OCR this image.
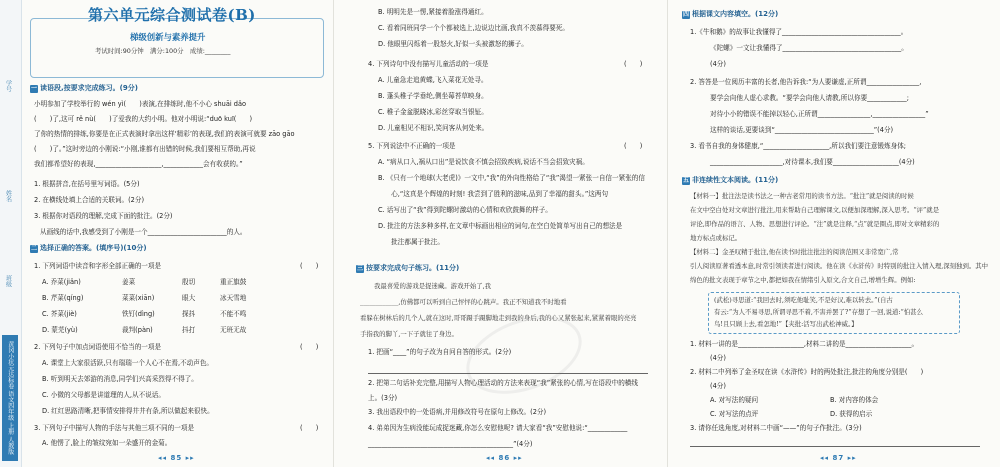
学号
姓名
班级
黄冈小状元达标卷 语文四年级 上册 人教版
第六单元综合测试卷(B)
梯级创新与素养提升
考试时间:90分钟　满分:100分　成绩:________
一 读语段,按要求完成练习。(9分)
小明参加了学校举行的 wén yì(　　)表演,在排练时,他不小心 shuāi dǎo
(　　)了,这可 rě nù(　　)了爱我的大约小明。他对小明说:“duō kuī(　　)
了你的热情的排练,你要是在正式表演时拿出这样‘精彩’的表现,我们的表演可就要 zāo gāo
(　　)了。”这时旁边的小刚说:“小刚,谁都有出错的时候,我们要相互帮助,再说
我们都希望好的表现,____________________,____________会有收获的。”
1. 根据拼音,在括号里写词语。(5分)
2. 在横线处填上合适的关联词。(2分)
3. 根据你对语段的理解,完成下面的批注。(2分)
从画线的话中,我感受到了小刚是一个________________________的人。
二 选择正确的答案。(填序号)(10分)
1. 下列词语中读音和字形全部正确的一项是	(　　)
A. 乔菜(jiǎn)	姜菜	殷切	重正旗鼓
B. 芹菜(qíng)	菜菜(xiān)	眼大	冰天雪地
C. 芥菜(jiè)	铁钉(dìng)	探抖	不能不鸣
D. 蒙芫(yù)	裁判(pàn)	抖打	无班无故
2. 下列句子中加点词语使用不恰当的一项是	(　　)
A. 课堂上大家很活跃,只有瑞瑞一个人心不在焉,不动声色。
B. 听到明天去郊游的消息,同学们兴高采烈得不得了。
C. 小微的父母都是讲道理的人,从不说话。
D. 红红思路清晰,把事情安排得井井有条,所以做起来很快。
3. 下列句子中描写人物的手法与其他三项不同的一项是	(　　)
A. 他愣了,脸上的皱纹宛如一朵盛开的金菊。
◂◂ 85 ▸▸
B. 明明先是一愣,紧接着脸涨得通红。
C. 看着同班同学一个个都被选上,边说边比画,我真不羡慕得要死。
D. 他眼里闪烁着一股怒火,好似一头被激怒的狮子。
4. 下列诗句中没有描写儿童活动的一项是	(　　)
A. 儿童急走追黄蝶,飞入菜花无处寻。
B. 蓬头稚子学垂纶,侧坐莓苔草映身。
C. 稚子金盆脱晓冰,彩丝穿取当银钲。
D. 儿童相见不相识,笑问客从何处来。
5. 下列说法中不正确的一项是	(　　)
A. “病从口入,祸从口出”是说饮食不慎会招致疾病,说话不当会招致灾祸。
B. 《只有一个地球(大老虎)》一文中,“我”的外向性格给了“我”渴望一紧张一自信一紧张的信
　　心,“这真是个辉煌的时刻! 我尝到了胜利的滋味,品到了幸福的甜头。”这两句
C. 话写出了“我”得到陀螺时激动的心情和欢欣鼓舞的样子。
D. 批注的方法多种多样,在文章中标画出相应的词句,在空白处简单写出自己的想法是
　　批注都属于批注。
三 按要求完成句子练习。(11分)
我最喜爱的游戏是捉迷藏。游戏开始了,我
____________,仿佛都可以听到自己怦怦的心跳声。我正不知道我不时地看
看躲在树林后的几个人,就在这时,哥哥蹑手蹑脚地走到我的身后,我的心又紧张起来,紧紧着眼的亮亮
手指我的脚丫,一下子就往了身边。
1. 把画“____”的句子改为自问自答的形式。(2分)
2. 把第二句话补充完整,用描写人物心理活动的方法来表现“我”紧张的心情,写在语段中的横线
上。(3分)
3. 我出语段中的一处语病,并用修改符号在原句上修改。(2分)
4. 弟弟因为生病没能玩成捉迷藏,你怎么安慰他呢? 请大家看“我”安慰他说:“____________
____________________________________________”(4分)
◂◂ 86 ▸▸
四 根据课文内容填空。(12分)
1.《牛和鹅》的故事让我懂得了____________________________________。
《陀螺》一文让我懂得了____________________________________。
(4分)
2. 答答是一位阅历丰富的长者,他告诉我:“为人要谦虚,正所谓________________,
要学会向他人虚心求教。“要学会向他人请教,所以你要____________;
对待小小的错误不能掉以轻心,正所谓________________,________________”
这样的谈话,更要谈到“______________________________”(4分)
3. 看书自我的身体健康,“____________________,所以我们要注意锻炼身体;
______________________,对待课本,我们要____________________(4分)
五 非连续性文本阅读。(11分)
【材料一】批注法是读书法之一种古老常用的读书方法。“批注”就是阅读的时候
在文中空白处对文章进行批注,用来帮助自己理解课文,以便加深理解,深入思考。“评”就是
评论,即作品的语言、人物、思想进行评论。“注”就是注释,“点”就是圈点,即对文章精彩的
地方标点或标记。
【材料二】金圣叹精于批注,他在读书时批注批注的阅读范围又非常宽广,常
引人阅读原著看透本意,时常引领读者进行阅读。他在读《水浒传》时特别的批注入情入理,深刻独到。其中
绵色的批文表现于章节之中,都把如我在情绪引入原文,合文自己,增增生辉。例如:
(武松)寻思道:“我回去时,须吃他耻笑,不是好汉,难以转去。”(自古
有云:“为人不易寻思,所谓寻思不着,不害并罢了?”存想了一回,说道:“怕甚么
鸟!且只顾上去,看怎地!”【夹批:活写出武松神威。】
1. 材料一讲的是____________________,材料二讲的是____________________。
(4分)
2. 材料二中列举了金圣叹在读《水浒传》时的两处批注,批注的角度分别是(　　)
(4分)
A. 对写法的疑问	B. 对内容的体会
C. 对写法的点评	D. 获得的启示
3. 请你任选角度,对材料二中画“——”的句子作批注。(3分)
◂◂ 87 ▸▸
